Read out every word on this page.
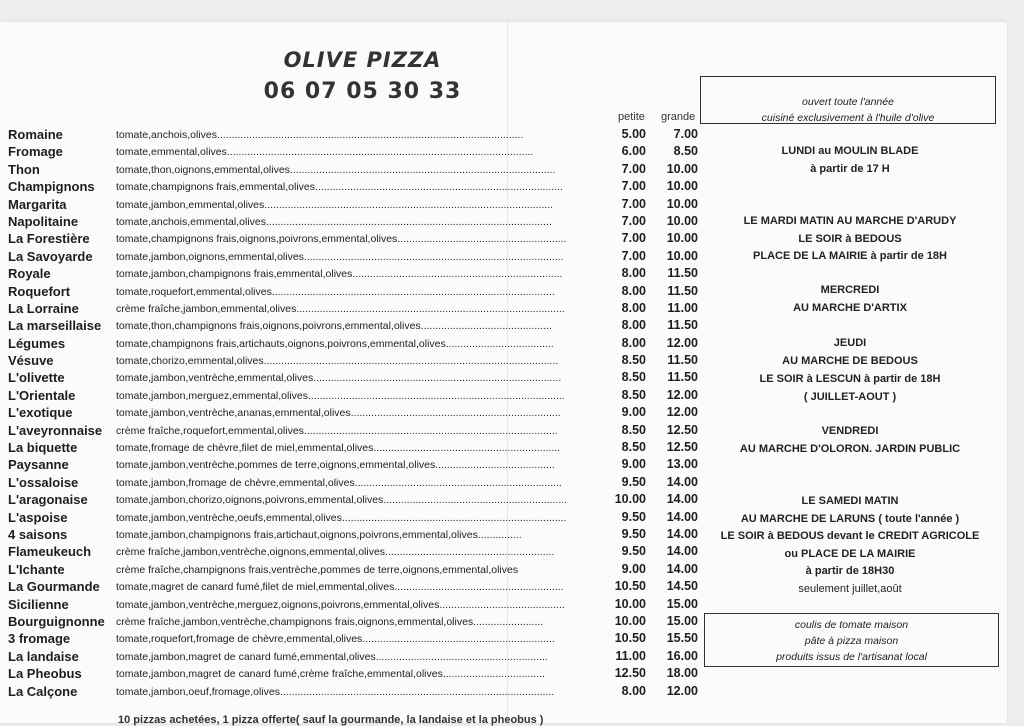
OLIVE PIZZA
06 07 05 30 33
petite grande
Romaine	tomate,anchois,olives.........................................................................................................	5.00	7.00
Fromage	tomate,emmental,olives.........................................................................................................	6.00	8.50
Thon	tomate,thon,oignons,emmental,olives...........................................................................................	7.00	10.00
Champignons tomate,champignons frais,emmental,olives.....................................................................................	7.00	10.00
Margarita	tomate,jambon,emmental,olives...................................................................................................	7.00	10.00
Napolitaine	tomate,anchois,emmental,olives..................................................................................................	7.00	10.00
La Forestière	tomate,champignons frais,oignons,poivrons,emmental,olives..........................................................	7.00	10.00
La Savoyarde tomate,jambon,oignons,emmental,olives.........................................................................................	7.00	10.00
Royale	tomate,jambon,champignons frais,emmental,olives........................................................................	8.00	11.50
Roquefort	tomate,roquefort,emmental,olives.................................................................................................	8.00	11.50
La Lorraine	crème fraîche,jambon,emmental,olives............................................................................................	8.00	11.00
La marseillaise tomate,thon,champignons frais,oignons,poivrons,emmental,olives.............................................	8.00	11.50
Légumes	tomate,champignons frais,artichauts,oignons,poivrons,emmental,olives.....................................	8.00	12.00
Vésuve	tomate,chorizo,emmental,olives.....................................................................................................	8.50	11.50
L'olivette	tomate,jambon,ventrèche,emmental,olives.....................................................................................	8.50	11.50
L'Orientale	tomate,jambon,merguez,emmental,olives........................................................................................	8.50	12.00
L'exotique	tomate,jambon,ventrèche,ananas,emmental,olives........................................................................	9.00	12.00
L'aveyronnaise crème fraîche,roquefort,emmental,olives.......................................................................................	8.50	12.50
La biquette	tomate,fromage de chèvre,filet de miel,emmental,olives................................................................	8.50	12.50
Paysanne	tomate,jambon,ventrèche,pommes de terre,oignons,emmental,olives.........................................	9.00	13.00
L'ossaloise	tomate,jambon,fromage de chèvre,emmental,olives.......................................................................	9.50	14.00
L'aragonaise	tomate,jambon,chorizo,oignons,poivrons,emmental,olives...............................................................	10.00	14.00
L'aspoise	tomate,jambon,ventrèche,oeufs,emmental,olives.............................................................................	9.50	14.00
4 saisons	tomate,jambon,champignons frais,artichaut,oignons,poivrons,emmental,olives...............	9.50	14.00
Flameukeuch crème fraîche,jambon,ventrèche,oignons,emmental,olives..........................................................	9.50	14.00
L'Ichante	crème fraîche,champignons frais,ventrèche,pommes de terre,oignons,emmental,olives	9.00	14.00
La Gourmande tomate,magret de canard fumé,filet de miel,emmental,olives..........................................................	10.50	14.50
Sicilienne	tomate,jambon,ventrèche,merguez,oignons,poivrons,emmental,olives...........................................	10.00	15.00
Bourguignonne crème fraîche,jambon,ventrèche,champignons frais,oignons,emmental,olives........................	10.00	15.00
3 fromage	tomate,roquefort,fromage de chèvre,emmental,olives..................................................................	10.50	15.50
La landaise	tomate,jambon,magret de canard fumé,emmental,olives...........................................................	11.00	16.00
La Pheobus	tomate,jambon,magret de canard fumé,crème fraîche,emmental,olives...................................	12.50	18.00
La Calçone	tomate,jambon,oeuf,fromage,olives..............................................................................................	8.00	12.00
ouvert toute l'année
cuisiné exclusivement à l'huile d'olive
LUNDI au MOULIN BLADE
à partir de 17 H
LE MARDI MATIN AU MARCHE D'ARUDY
LE SOIR à BEDOUS
PLACE DE LA MAIRIE à partir de 18H
MERCREDI
AU MARCHE D'ARTIX
JEUDI
AU MARCHE DE BEDOUS
LE SOIR à LESCUN à partir de 18H
( JUILLET-AOUT )
VENDREDI
AU MARCHE D'OLORON. JARDIN PUBLIC
LE SAMEDI MATIN
AU MARCHE DE LARUNS ( toute l'année )
LE SOIR à BEDOUS devant le CREDIT AGRICOLE
ou PLACE DE LA MAIRIE
à partir de 18H30
seulement juillet,août
coulis de tomate maison
pâte à pizza maison
produits issus de l'artisanat local
10 pizzas achetées, 1 pizza offerte( sauf la gourmande, la landaise et la pheobus )
